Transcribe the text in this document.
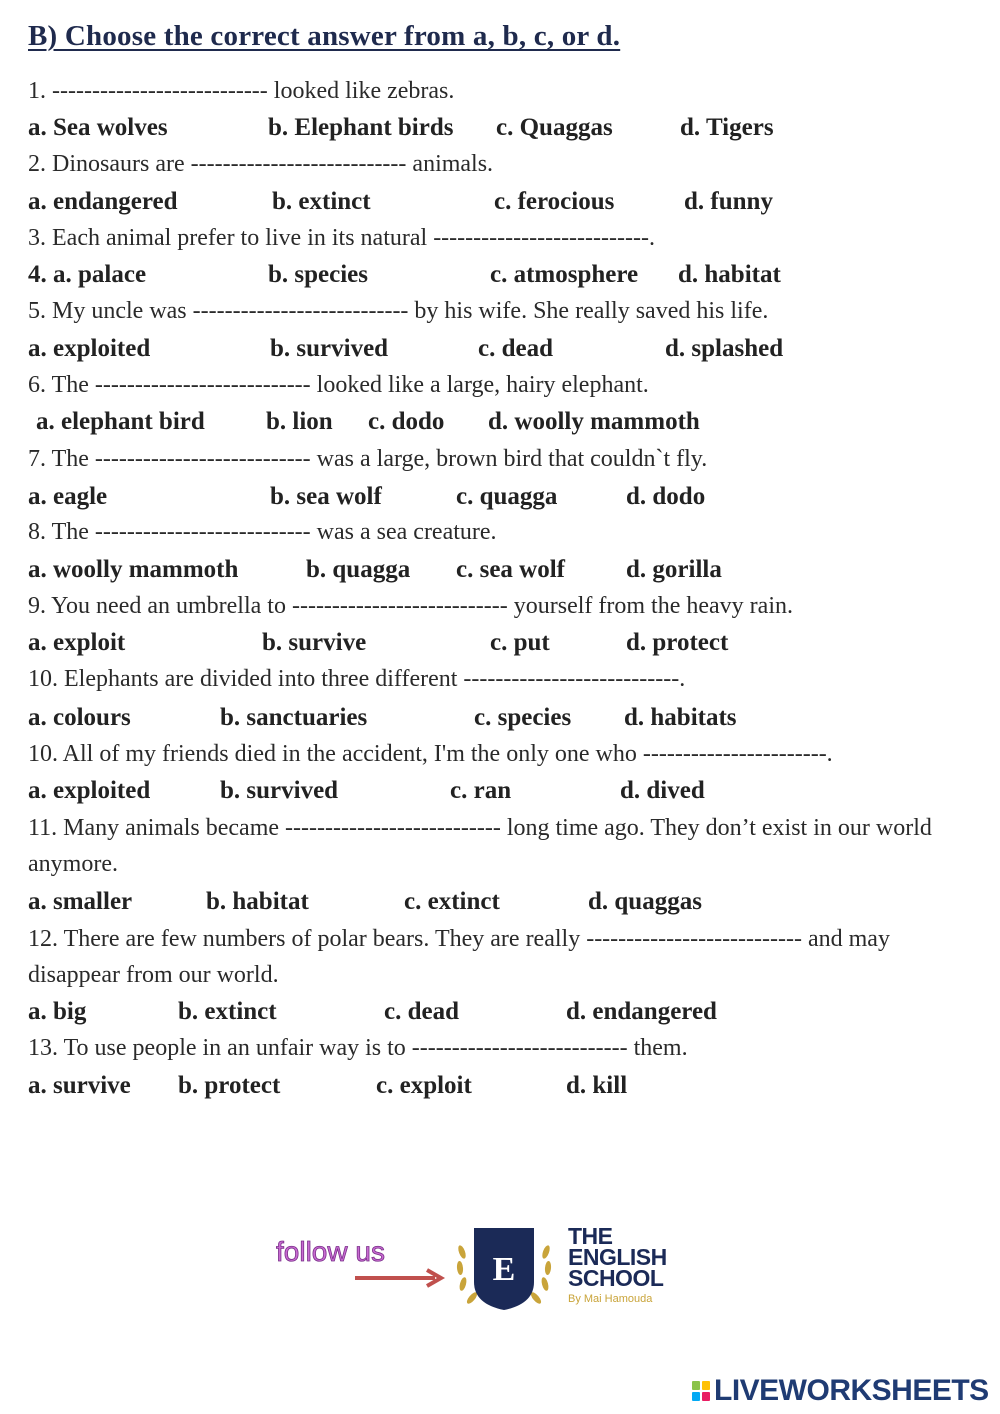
B) Choose the correct answer from a, b, c, or d.
1. --------------------------- looked like zebras.
a. Sea wolves	b. Elephant birds c. Quaggas	d. Tigers
2. Dinosaurs are --------------------------- animals.
a. endangered	b. extinct	c. ferocious	d. funny
3. Each animal prefer to live in its natural ---------------------------.
4. a. palace	b. species	c. atmosphere d. habitat
5. My uncle was --------------------------- by his wife. She really saved his life.
a. exploited	b. survived	c. dead	d. splashed
6. The --------------------------- looked like a large, hairy elephant.
a. elephant bird b. lion c. dodo d. woolly mammoth
7. The --------------------------- was a large, brown bird that couldn`t fly.
a. eagle	b. sea wolf	c. quagga	d. dodo
8. The --------------------------- was a sea creature.
a. woolly mammoth	b. quagga c. sea wolf d. gorilla
9. You need an umbrella to --------------------------- yourself from the heavy rain.
a. exploit	b. survive	c. put	d. protect
10. Elephants are divided into three different ---------------------------.
a. colours	b. sanctuaries	c. species d. habitats
10. All of my friends died in the accident, I'm the only one who -----------------------.
a. exploited	b. survived	c. ran	d. dived
11. Many animals became --------------------------- long time ago. They don’t exist in our world anymore.
a. smaller	b. habitat	c. extinct	d. quaggas
12. There are few numbers of polar bears. They are really --------------------------- and may disappear from our world.
a. big	b. extinct	c. dead	d. endangered
13. To use people in an unfair way is to --------------------------- them.
a. survive b. protect	c. exploit	d. kill
follow us	E
THE
ENGLISH
SCHOOL
By Mai Hamouda
LIVEWORKSHEETS
